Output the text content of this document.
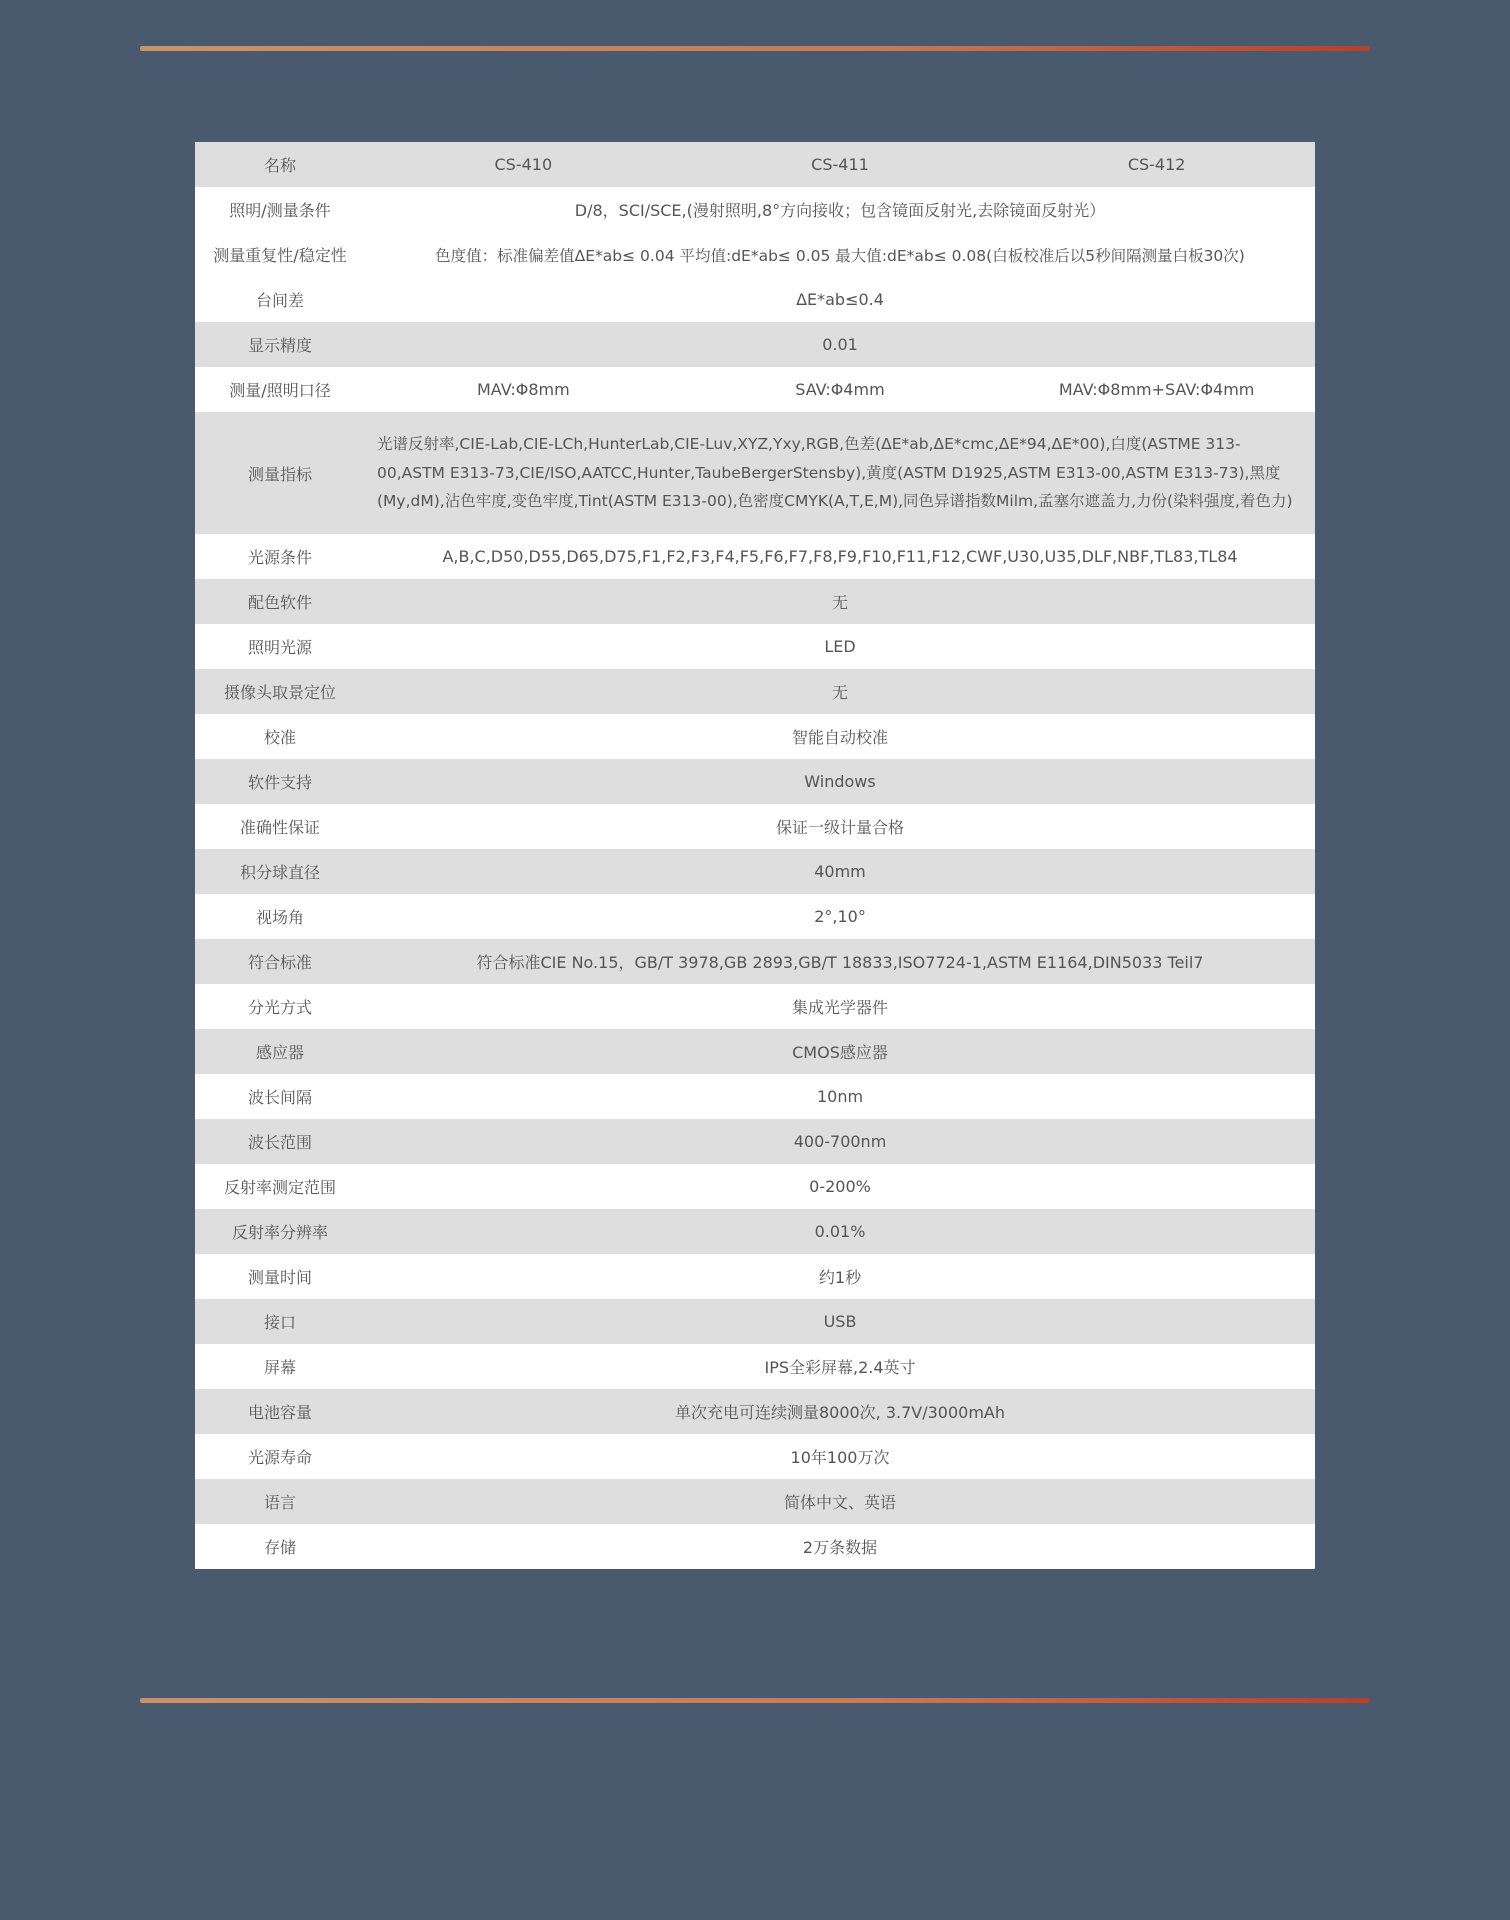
名称	CS-410	CS-411	CS-412
照明/测量条件	D/8，SCI/SCE,(漫射照明,8°方向接收；包含镜面反射光,去除镜面反射光）		
测量重复性/稳定性	色度值：标准偏差值ΔE*ab≤ 0.04 平均值:dE*ab≤ 0.05 最大值:dE*ab≤ 0.08(白板校准后以5秒间隔测量白板30次)		
台间差	ΔE*ab≤0.4		
显示精度	0.01		
测量/照明口径	MAV:Φ8mm	SAV:Φ4mm	MAV:Φ8mm+SAV:Φ4mm
测量指标	光谱反射率,CIE-Lab,CIE-LCh,HunterLab,CIE-Luv,XYZ,Yxy,RGB,色差(ΔE*ab,ΔE*cmc,ΔE*94,ΔE*00),白度(ASTME 313-00,ASTM E313-73,CIE/ISO,AATCC,Hunter,TaubeBergerStensby),黄度(ASTM D1925,ASTM E313-00,ASTM E313-73),黑度(My,dM),沾色牢度,变色牢度,Tint(ASTM E313-00),色密度CMYK(A,T,E,M),同色异谱指数Milm,孟塞尔遮盖力,力份(染料强度,着色力)		
光源条件	A,B,C,D50,D55,D65,D75,F1,F2,F3,F4,F5,F6,F7,F8,F9,F10,F11,F12,CWF,U30,U35,DLF,NBF,TL83,TL84		
配色软件	无		
照明光源	LED		
摄像头取景定位	无		
校准	智能自动校准		
软件支持	Windows		
准确性保证	保证一级计量合格		
积分球直径	40mm		
视场角	2°,10°		
符合标准	符合标准CIE No.15，GB/T 3978,GB 2893,GB/T 18833,ISO7724-1,ASTM E1164,DIN5033 Teil7		
分光方式	集成光学器件		
感应器	CMOS感应器		
波长间隔	10nm		
波长范围	400-700nm		
反射率测定范围	0-200%		
反射率分辨率	0.01%		
测量时间	约1秒		
接口	USB		
屏幕	IPS全彩屏幕,2.4英寸		
电池容量	单次充电可连续测量8000次, 3.7V/3000mAh		
光源寿命	10年100万次		
语言	简体中文、英语		
存储	2万条数据		
